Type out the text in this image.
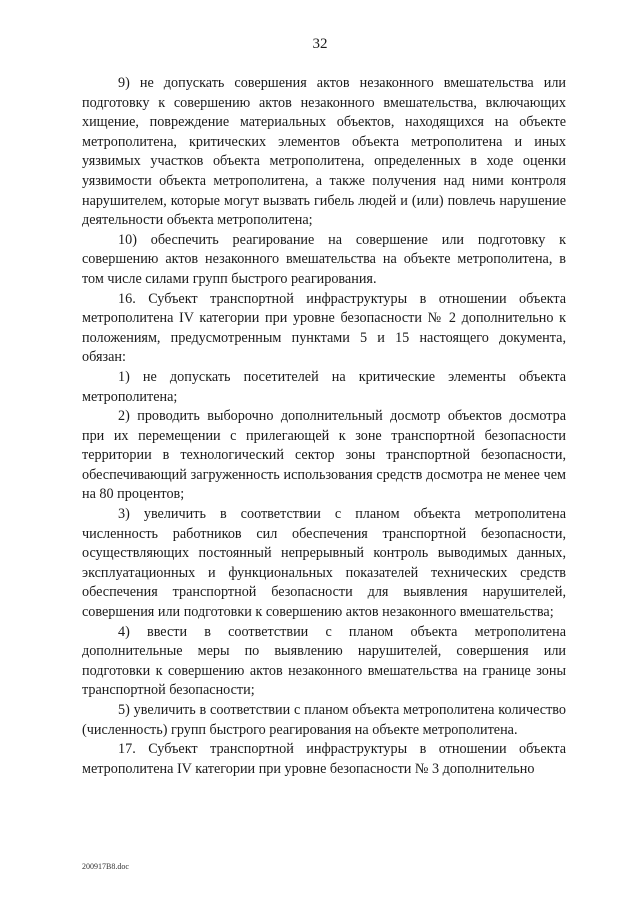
32

9) не допускать совершения актов незаконного вмешательства или подготовку к совершению актов незаконного вмешательства, включающих хищение, повреждение материальных объектов, находящихся на объекте метрополитена, критических элементов объекта метрополитена и иных уязвимых участков объекта метрополитена, определенных в ходе оценки уязвимости объекта метрополитена, а также получения над ними контроля нарушителем, которые могут вызвать гибель людей и (или) повлечь нарушение деятельности объекта метрополитена;

10) обеспечить реагирование на совершение или подготовку к совершению актов незаконного вмешательства на объекте метрополитена, в том числе силами групп быстрого реагирования.

16. Субъект транспортной инфраструктуры в отношении объекта метрополитена IV категории при уровне безопасности № 2 дополнительно к положениям, предусмотренным пунктами 5 и 15 настоящего документа, обязан:

1) не допускать посетителей на критические элементы объекта метрополитена;

2) проводить выборочно дополнительный досмотр объектов досмотра при их перемещении с прилегающей к зоне транспортной безопасности территории в технологический сектор зоны транспортной безопасности, обеспечивающий загруженность использования средств досмотра не менее чем на 80 процентов;

3) увеличить в соответствии с планом объекта метрополитена численность работников сил обеспечения транспортной безопасности, осуществляющих постоянный непрерывный контроль выводимых данных, эксплуатационных и функциональных показателей технических средств обеспечения транспортной безопасности для выявления нарушителей, совершения или подготовки к совершению актов незаконного вмешательства;

4) ввести в соответствии с планом объекта метрополитена дополнительные меры по выявлению нарушителей, совершения или подготовки к совершению актов незаконного вмешательства на границе зоны транспортной безопасности;

5) увеличить в соответствии с планом объекта метрополитена количество (численность) групп быстрого реагирования на объекте метрополитена.

17. Субъект транспортной инфраструктуры в отношении объекта метрополитена IV категории при уровне безопасности № 3 дополнительно

200917В8.doc
